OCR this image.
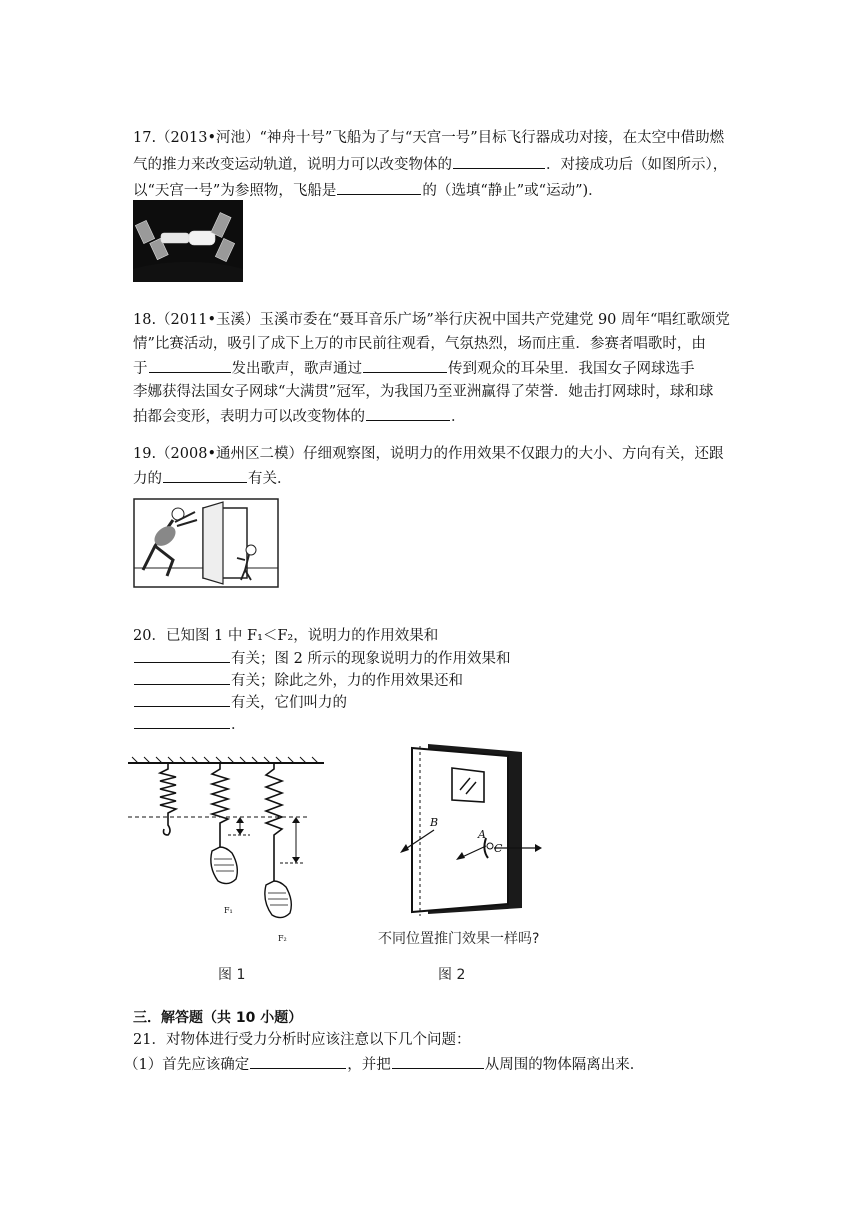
17.（2013•河池）“神舟十号”飞船为了与“天宫一号”目标飞行器成功对接，在太空中借助燃
气的推力来改变运动轨道，说明力可以改变物体的	．对接成功后（如图所示），
以“天宫一号”为参照物，飞船是	的（选填“静止”或“运动”)．
18.（2011•玉溪）玉溪市委在“聂耳音乐广场”举行庆祝中国共产党建党 90 周年“唱红歌颂党
情”比赛活动，吸引了成下上万的市民前往观看，气氛热烈，场而庄重．参赛者唱歌时，由
于	发出歌声，歌声通过	传到观众的耳朵里．我国女子网球选手
李娜获得法国女子网球“大满贯”冠军，为我国乃至亚洲赢得了荣誉．她击打网球时，球和球
拍都会变形，表明力可以改变物体的	．
19.（2008•通州区二模）仔细观察图，说明力的作用效果不仅跟力的大小、方向有关，还跟
力的	有关．
20．已知图 1 中 F₁＜F₂，说明力的作用效果和
有关；图 2 所示的现象说明力的作用效果和
有关；除此之外，力的作用效果还和
有关，它们叫力的
．
F₁
F₂
图 1
B
A
C
不同位置推门效果一样吗?
图 2
三．解答题（共 10 小题）
21．对物体进行受力分析时应该注意以下几个问题：
（1）首先应该确定	，并把	从周围的物体隔离出来．
